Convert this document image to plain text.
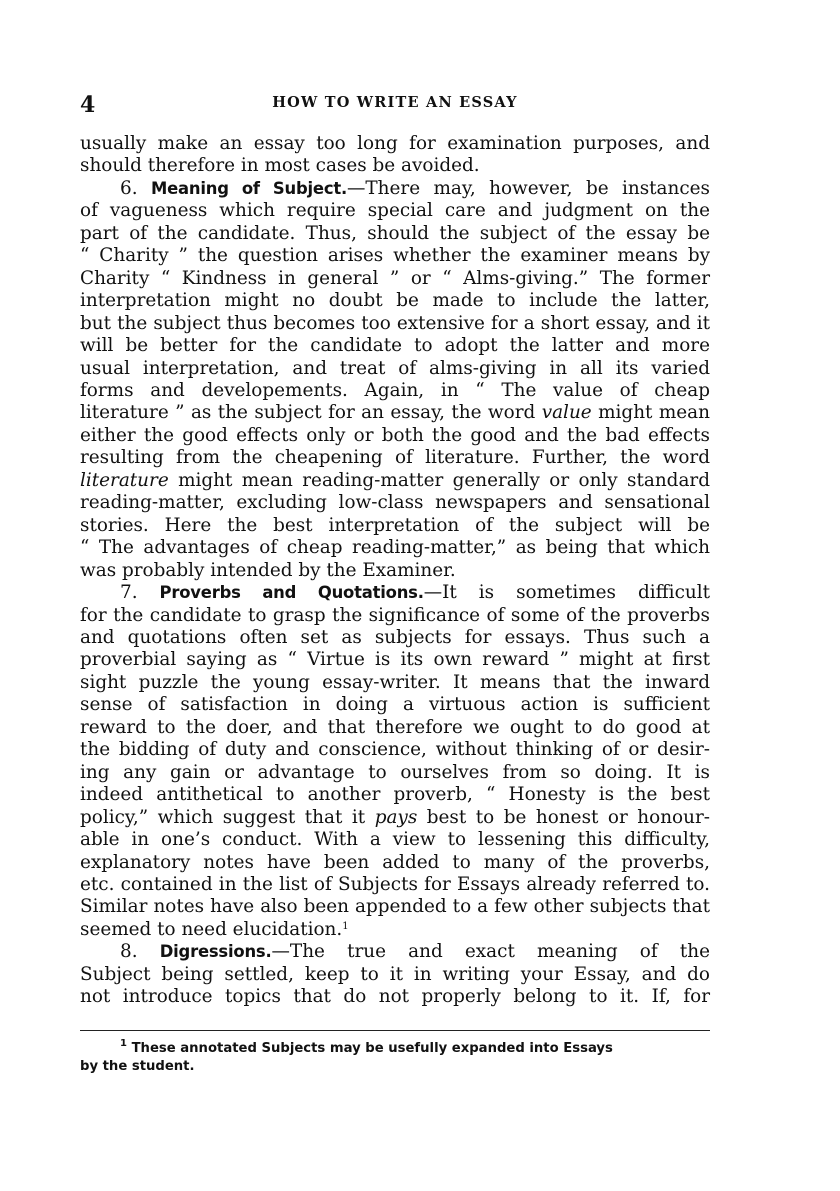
4	HOW TO WRITE AN ESSAY
usually make an essay too long for examination purposes, and
should therefore in most cases be avoided.
6. Meaning of Subject.—There may, however, be instances
of vagueness which require special care and judgment on the
part of the candidate. Thus, should the subject of the essay be
“ Charity ” the question arises whether the examiner means by
Charity “ Kindness in general ” or “ Alms-giving.” The former
interpretation might no doubt be made to include the latter,
but the subject thus becomes too extensive for a short essay, and it
will be better for the candidate to adopt the latter and more
usual interpretation, and treat of alms-giving in all its varied
forms and developements. Again, in “ The value of cheap
literature ” as the subject for an essay, the word value might mean
either the good effects only or both the good and the bad effects
resulting from the cheapening of literature. Further, the word
literature might mean reading-matter generally or only standard
reading-matter, excluding low-class newspapers and sensational
stories. Here the best interpretation of the subject will be
“ The advantages of cheap reading-matter,” as being that which
was probably intended by the Examiner.
7. Proverbs and Quotations.—It is sometimes difficult
for the candidate to grasp the significance of some of the proverbs
and quotations often set as subjects for essays. Thus such a
proverbial saying as “ Virtue is its own reward ” might at first
sight puzzle the young essay-writer. It means that the inward
sense of satisfaction in doing a virtuous action is sufficient
reward to the doer, and that therefore we ought to do good at
the bidding of duty and conscience, without thinking of or desir-
ing any gain or advantage to ourselves from so doing. It is
indeed antithetical to another proverb, “ Honesty is the best
policy,” which suggest that it pays best to be honest or honour-
able in one’s conduct. With a view to lessening this difficulty,
explanatory notes have been added to many of the proverbs,
etc. contained in the list of Subjects for Essays already referred to.
Similar notes have also been appended to a few other subjects that
seemed to need elucidation.$^1$
8. Digressions.—The true and exact meaning of the
Subject being settled, keep to it in writing your Essay, and do
not introduce topics that do not properly belong to it. If, for
$^1$ These annotated Subjects may be usefully expanded into Essays
by the student.
